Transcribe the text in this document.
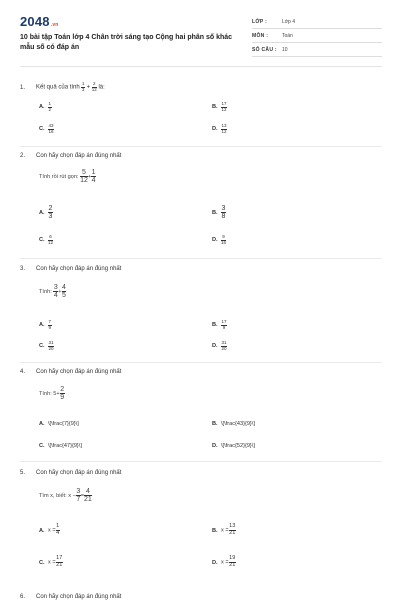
2048.vn
10 bài tập Toán lớp 4 Chân trời sáng tạo Cộng hai phân số khác mẫu số có đáp án
LỚP :	Lớp 4
MÔN :	Toán
SỐ CÂU : 10
1. Kết quả của tính $\frac{1}{3} + \frac{2}{12}$ là:
A. $\frac{1}{2}$	B. $\frac{17}{12}$
C. $\frac{43}{16}$	D. $\frac{13}{12}$
2. Con hãy chọn đáp án đúng nhất
Tính rồi rút gọn: $\frac{5}{12} + \frac{1}{4}$
A. $\frac{2}{3}$	B. $\frac{3}{8}$
C. $\frac{6}{12}$	D. $\frac{9}{16}$
3. Con hãy chọn đáp án đúng nhất
Tính: $\frac{3}{4} + \frac{4}{5}$
A. $\frac{7}{9}$	B. $\frac{17}{9}$
C. $\frac{31}{20}$	D. $\frac{31}{20}$
4. Con hãy chọn đáp án đúng nhất
Tính: $5+ \frac{2}{9}$
A. \[\frac{7}{9}\]	B. \[\frac{43}{9}\]
C. \[\frac{47}{9}\]	D. \[\frac{52}{9}\]
5. Con hãy chọn đáp án đúng nhất
Tìm x, biết: $x - \frac{3}{7} = \frac{4}{21}$
A. $x = \frac{1}{4}$	B. $x = \frac{13}{21}$
C. $x = \frac{17}{21}$	D. $x = \frac{19}{21}$
6. Con hãy chọn đáp án đúng nhất
